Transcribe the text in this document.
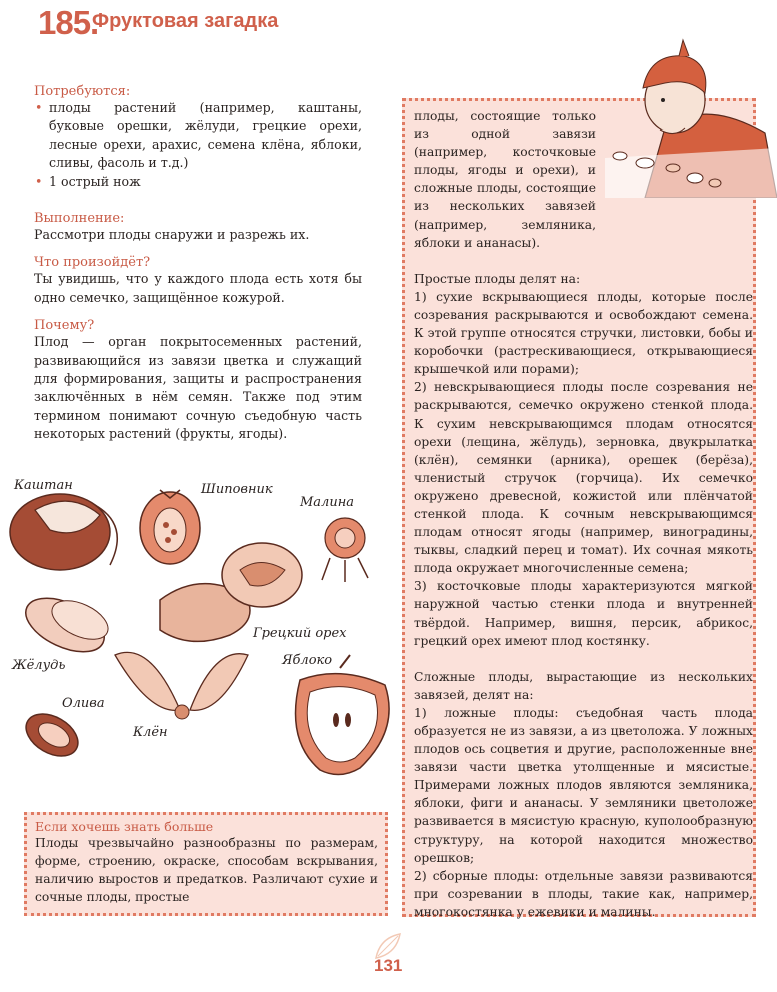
185.
Фруктовая загадка
Потребуются:
• плоды растений (например, каштаны, буковые орешки, жёлуди, грецкие орехи, лесные орехи, арахис, семена клёна, яблоки, сливы, фасоль и т.д.)
• 1 острый нож
Выполнение:
Рассмотри плоды снаружи и разрежь их.
Что произойдёт?
Ты увидишь, что у каждого плода есть хотя бы одно семечко, защищённое кожурой.
Почему?
Плод — орган покрытосеменных растений, развивающийся из завязи цветка и служащий для формирования, защиты и распространения заключённых в нём семян. Также под этим термином понимают сочную съедобную часть некоторых растений (фрукты, ягоды).
Каштан	Шиповник
Малина
Грецкий орех
Жёлудь	Яблоко
Олива
Клён
Если хочешь знать больше
Плоды чрезвычайно разнообразны по размерам, форме, строению, окраске, способам вскрывания, наличию выростов и предатков. Различают сухие и сочные плоды, простые

плоды, состоящие только из одной завязи (например, косточковые плоды, ягоды и орехи), и сложные плоды, состоящие из нескольких завязей (например, земляника, яблоки и ананасы).

Простые плоды делят на:

1) сухие вскрывающиеся плоды, которые после созревания раскрываются и освобождают семена. К этой группе относятся стручки, листовки, бобы и коробочки (растрескивающиеся, открывающиеся крышечкой или порами);

2) невскрывающиеся плоды после созревания не раскрываются, семечко окружено стенкой плода. К сухим невскрывающимся плодам относятся орехи (лещина, жёлудь), зерновка, двукрылатка (клён), семянки (арника), орешек (берёза), членистый стручок (горчица). Их семечко окружено древесной, кожистой или плёнчатой стенкой плода. К сочным невскрывающимся плодам относят ягоды (например, виноградины, тыквы, сладкий перец и томат). Их сочная мякоть плода окружает многочисленные семена;

3) косточковые плоды характеризуются мягкой наружной частью стенки плода и внутренней твёрдой. Например, вишня, персик, абрикос, грецкий орех имеют плод костянку.

Сложные плоды, вырастающие из нескольких завязей, делят на:

1) ложные плоды: съедобная часть плода образуется не из завязи, а из цветоложа. У ложных плодов ось соцветия и другие, расположенные вне завязи части цветка утолщенные и мясистые. Примерами ложных плодов являются земляника, яблоки, фиги и ананасы. У земляники цветоложе развивается в мясистую красную, куполообразную структуру, на которой находится множество орешков;

2) сборные плоды: отдельные завязи развиваются при созревании в плоды, такие как, например, многокостянка у ежевики и малины.

131
